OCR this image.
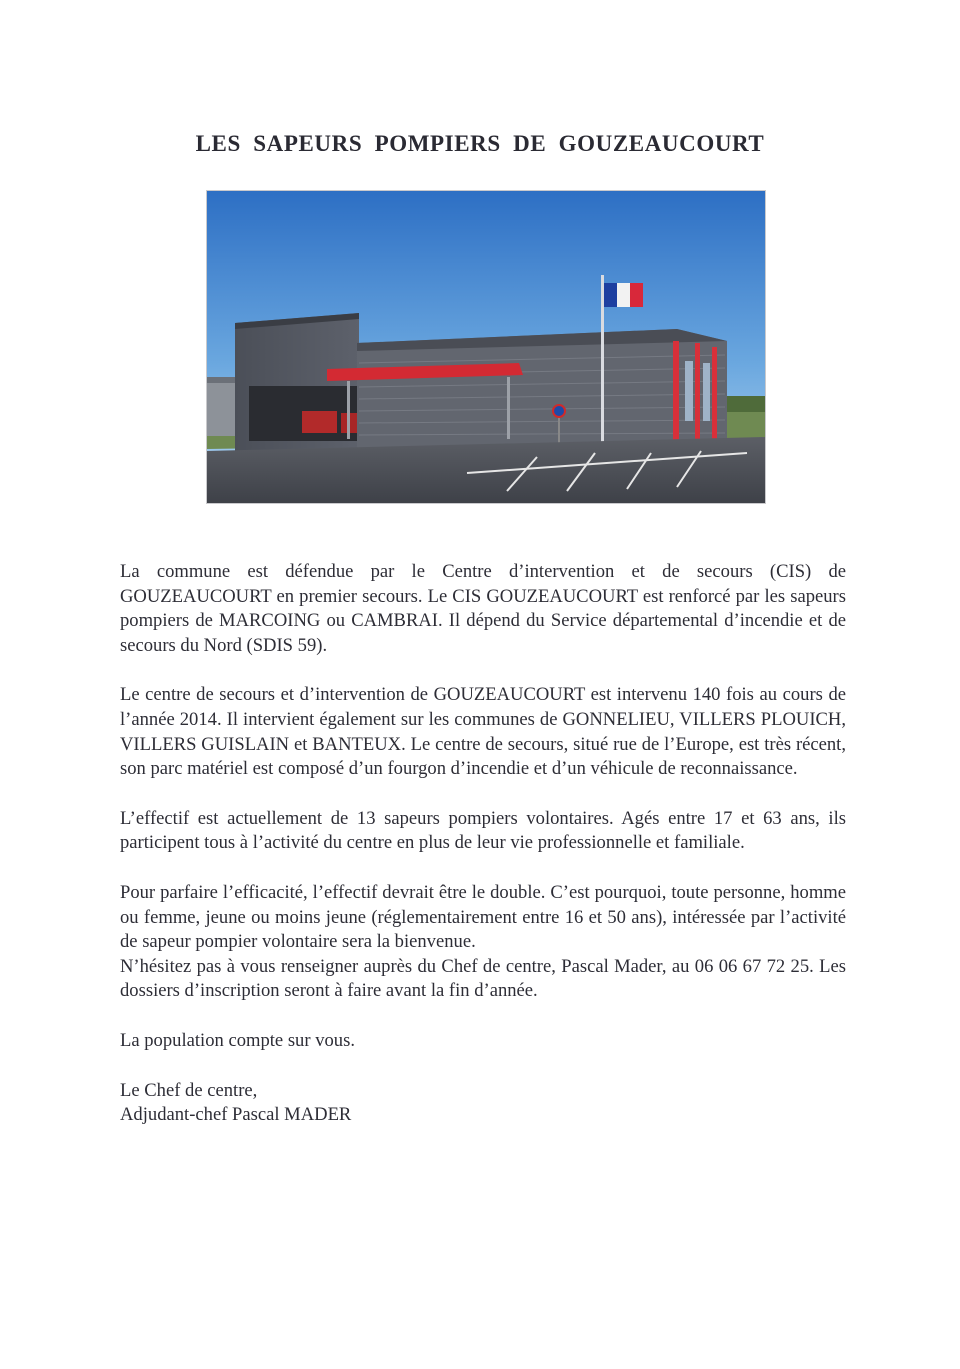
LES SAPEURS POMPIERS DE GOUZEAUCOURT

La commune est défendue par le Centre d’intervention et de secours (CIS) de GOUZEAUCOURT en premier secours. Le CIS GOUZEAUCOURT est renforcé par les sapeurs pompiers de MARCOING ou CAMBRAI. Il dépend du Service départemental d’incendie et de secours du Nord (SDIS 59).

Le centre de secours et d’intervention de GOUZEAUCOURT est intervenu 140 fois au cours de l’année 2014. Il intervient également sur les communes de GONNELIEU, VILLERS PLOUICH, VILLERS GUISLAIN et BANTEUX. Le centre de secours, situé rue de l’Europe, est très récent, son parc matériel est composé d’un fourgon d’incendie et d’un véhicule de reconnaissance.

L’effectif est actuellement de 13 sapeurs pompiers volontaires. Agés entre 17 et 63 ans, ils participent tous à l’activité du centre en plus de leur vie professionnelle et familiale.

Pour parfaire l’efficacité, l’effectif devrait être le double. C’est pourquoi, toute personne, homme ou femme, jeune ou moins jeune (réglementairement entre 16 et 50 ans), intéressée par l’activité de sapeur pompier volontaire sera la bienvenue.

N’hésitez pas à vous renseigner auprès du Chef de centre, Pascal Mader, au 06 06 67 72 25. Les dossiers d’inscription seront à faire avant la fin d’année.

La population compte sur vous.

Le Chef de centre,

Adjudant-chef Pascal MADER
